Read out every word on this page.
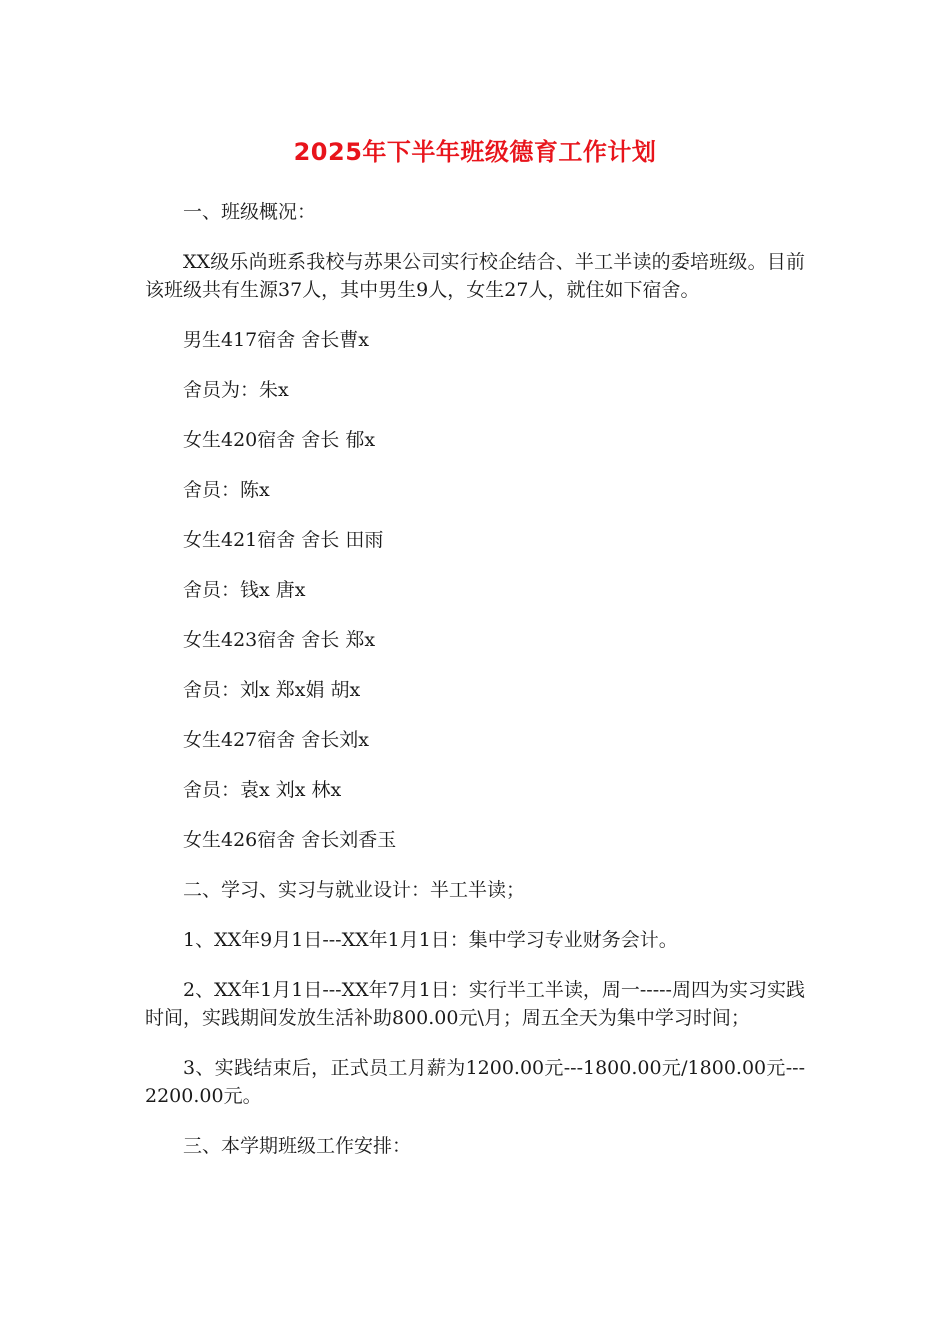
2025年下半年班级德育工作计划

一、班级概况：

XX级乐尚班系我校与苏果公司实行校企结合、半工半读的委培班级。目前该班级共有生源37人，其中男生9人，女生27人，就住如下宿舍。

男生417宿舍 舍长曹x

舍员为：朱x

女生420宿舍 舍长 郁x

舍员：陈x

女生421宿舍 舍长 田雨

舍员：钱x 唐x

女生423宿舍 舍长 郑x

舍员：刘x 郑x娟 胡x

女生427宿舍 舍长刘x

舍员：袁x 刘x 林x

女生426宿舍 舍长刘香玉

二、学习、实习与就业设计：半工半读；

1、XX年9月1日---XX年1月1日：集中学习专业财务会计。

2、XX年1月1日---XX年7月1日：实行半工半读，周一-----周四为实习实践时间，实践期间发放生活补助800.00元\月；周五全天为集中学习时间；

3、实践结束后，正式员工月薪为1200.00元---1800.00元/1800.00元---2200.00元。

三、本学期班级工作安排：
